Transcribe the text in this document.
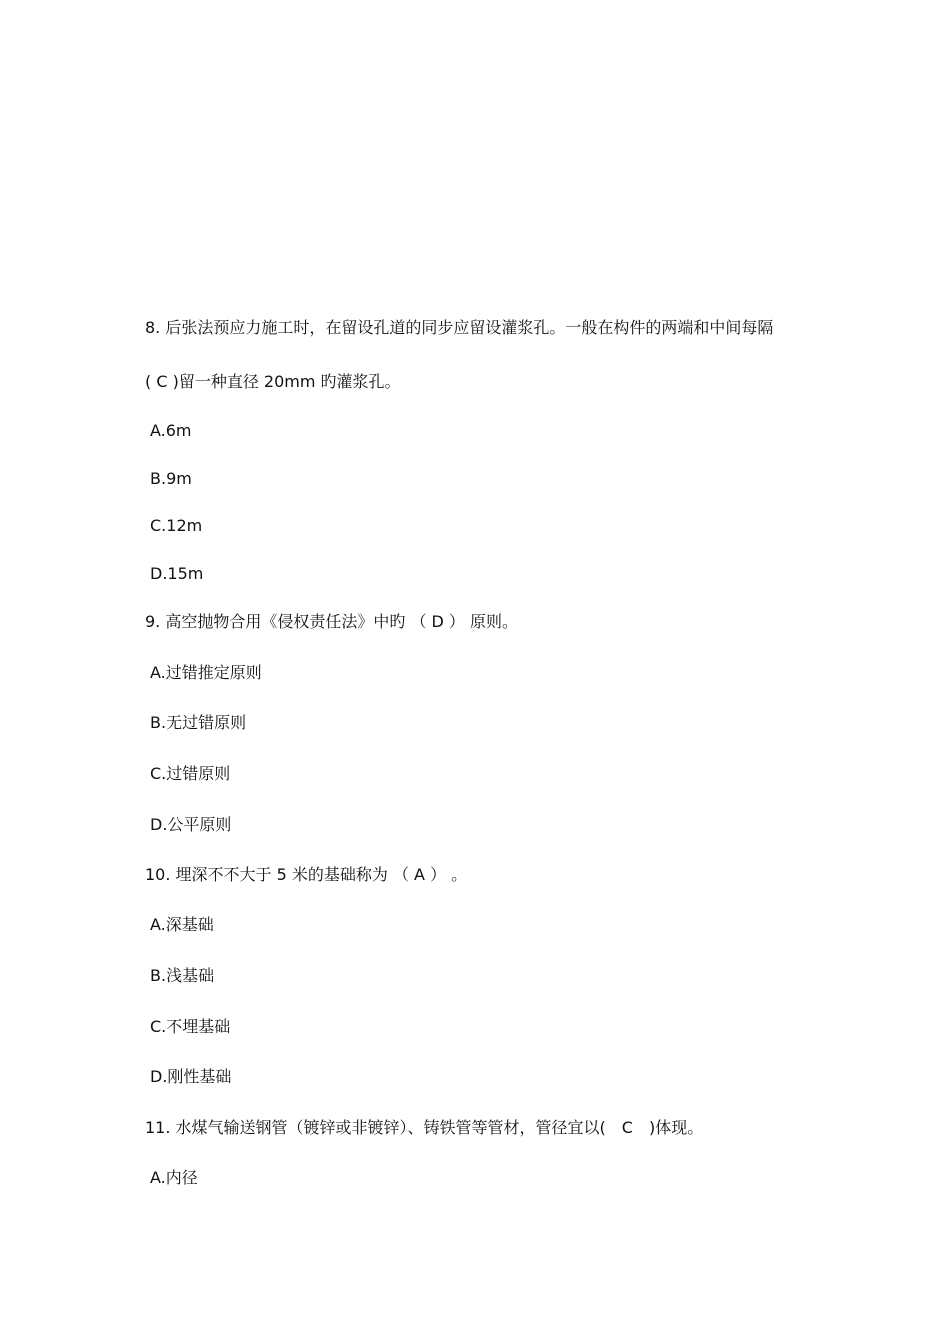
8. 后张法预应力施工时，在留设孔道的同步应留设灌浆孔。一般在构件的两端和中间每隔
( C )留一种直径 20mm 旳灌浆孔。
A.6m
B.9m
C.12m
D.15m
9. 高空抛物合用《侵权责任法》中旳 （ D ） 原则。
A.过错推定原则
B.无过错原则
C.过错原则
D.公平原则
10. 埋深不不大于 5 米的基础称为 （ A ） 。
A.深基础
B.浅基础
C.不埋基础
D.刚性基础
11. 水煤气输送钢管（镀锌或非镀锌）、铸铁管等管材，管径宜以(　C　)体现。
A.内径
